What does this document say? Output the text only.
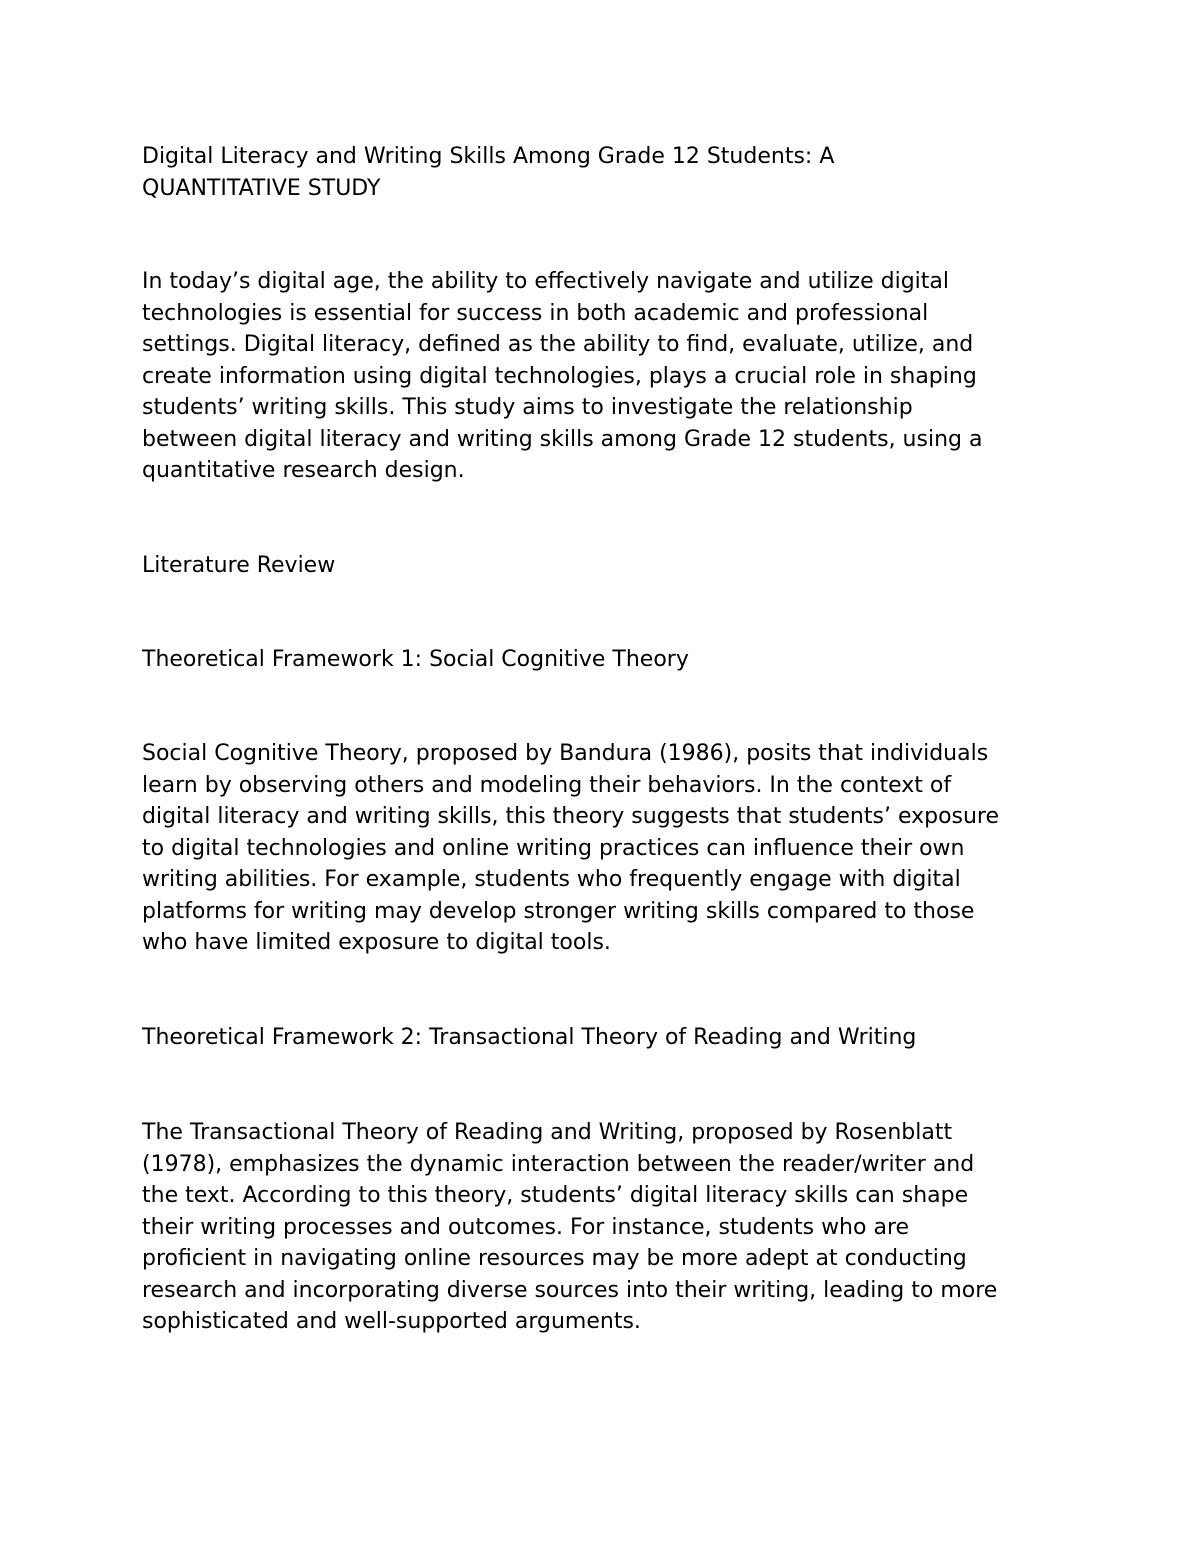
Digital Literacy and Writing Skills Among Grade 12 Students: A
QUANTITATIVE STUDY
In today’s digital age, the ability to effectively navigate and utilize digital
technologies is essential for success in both academic and professional
settings. Digital literacy, defined as the ability to find, evaluate, utilize, and
create information using digital technologies, plays a crucial role in shaping
students’ writing skills. This study aims to investigate the relationship
between digital literacy and writing skills among Grade 12 students, using a
quantitative research design.
Literature Review
Theoretical Framework 1: Social Cognitive Theory
Social Cognitive Theory, proposed by Bandura (1986), posits that individuals
learn by observing others and modeling their behaviors. In the context of
digital literacy and writing skills, this theory suggests that students’ exposure
to digital technologies and online writing practices can influence their own
writing abilities. For example, students who frequently engage with digital
platforms for writing may develop stronger writing skills compared to those
who have limited exposure to digital tools.
Theoretical Framework 2: Transactional Theory of Reading and Writing
The Transactional Theory of Reading and Writing, proposed by Rosenblatt
(1978), emphasizes the dynamic interaction between the reader/writer and
the text. According to this theory, students’ digital literacy skills can shape
their writing processes and outcomes. For instance, students who are
proficient in navigating online resources may be more adept at conducting
research and incorporating diverse sources into their writing, leading to more
sophisticated and well-supported arguments.
